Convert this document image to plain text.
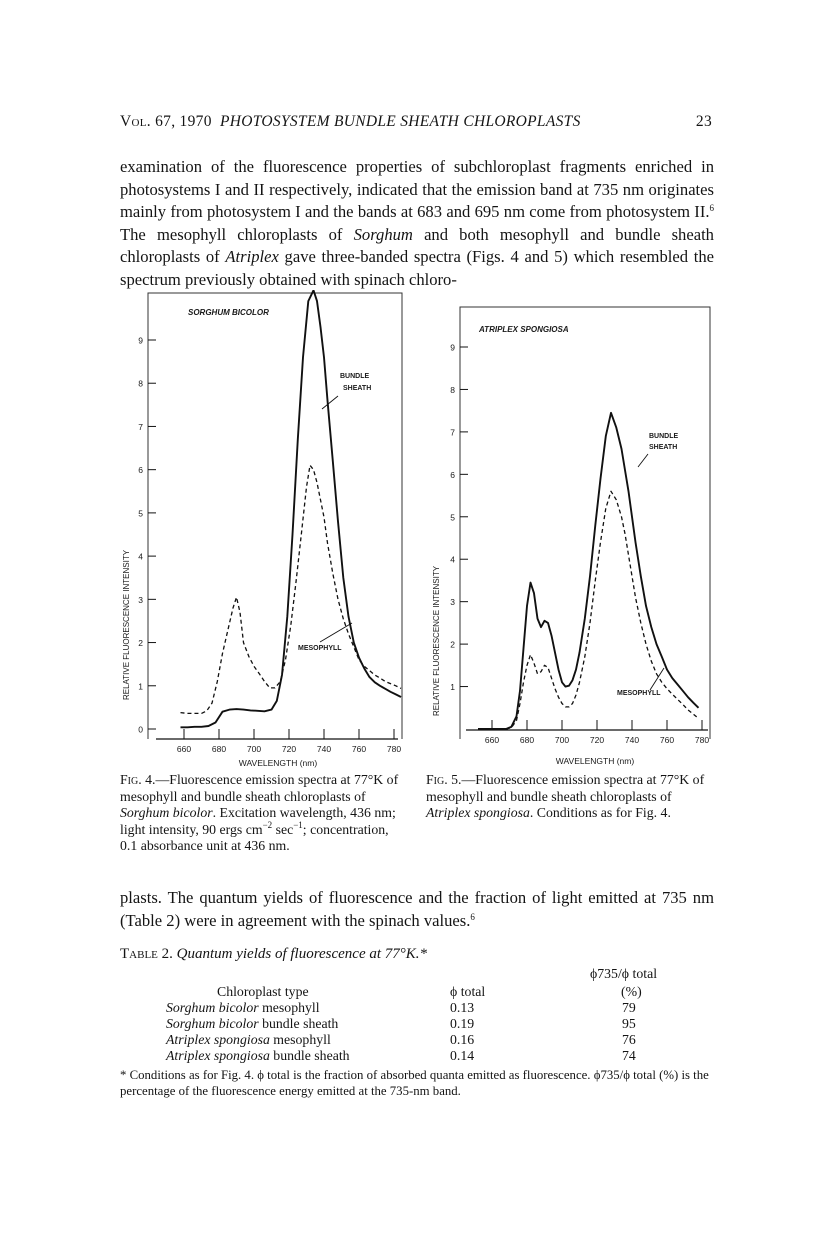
Vol. 67, 1970 PHOTOSYSTEM BUNDLE SHEATH CHLOROPLASTS	23

examination of the fluorescence properties of subchloroplast fragments enriched in photosystems I and II respectively, indicated that the emission band at 735 nm originates mainly from photosystem I and the bands at 683 and 695 nm come from photosystem II.$^6$ The mesophyll chloroplasts of Sorghum and both mesophyll and bundle sheath chloroplasts of Atriplex gave three-banded spectra (Figs. 4 and 5) which resembled the spectrum previously obtained with spinach chloro-

0
1
2
3
4
5
6
7
8
9
660 680 700 720 740 760 780
SORGHUM BICOLOR
WAVELENGTH (nm)
RELATIVE FLUORESCENCE INTENSITY
BUNDLE
SHEATH
MESOPHYLL
1
2
3
4
5
6
7
8
9
660 680 700 720 740 760 780
ATRIPLEX SPONGIOSA
WAVELENGTH (nm)
RELATIVE FLUORESCENCE INTENSITY
BUNDLE
SHEATH
MESOPHYLL

Fig. 4.—Fluorescence emission spectra at 77°K of mesophyll and bundle sheath chloroplasts of Sorghum bicolor. Excitation wavelength, 436 nm; light intensity, 90 ergs $cm^{-2}$ $\sec^{-1}$; concentration, 0.1 absorbance unit at 436 nm.

Fig. 5.—Fluorescence emission spectra at 77°K of mesophyll and bundle sheath chloroplasts of Atriplex spongiosa. Conditions as for Fig. 4.

plasts. The quantum yields of fluorescence and the fraction of light emitted at 735 nm (Table 2) were in agreement with the spinach values.$^6$

Table 2. Quantum yields of fluorescence at 77°K.*
ϕ735/ϕ total
Chloroplast type	ϕ total	(%)
Sorghum bicolor mesophyll	0.13	79
Sorghum bicolor bundle sheath	0.19	95
Atriplex spongiosa mesophyll	0.16	76
Atriplex spongiosa bundle sheath	0.14	74

* Conditions as for Fig. 4. ϕ total is the fraction of absorbed quanta emitted as fluorescence. ϕ735/ϕ total (%) is the percentage of the fluorescence energy emitted at the 735-nm band.
